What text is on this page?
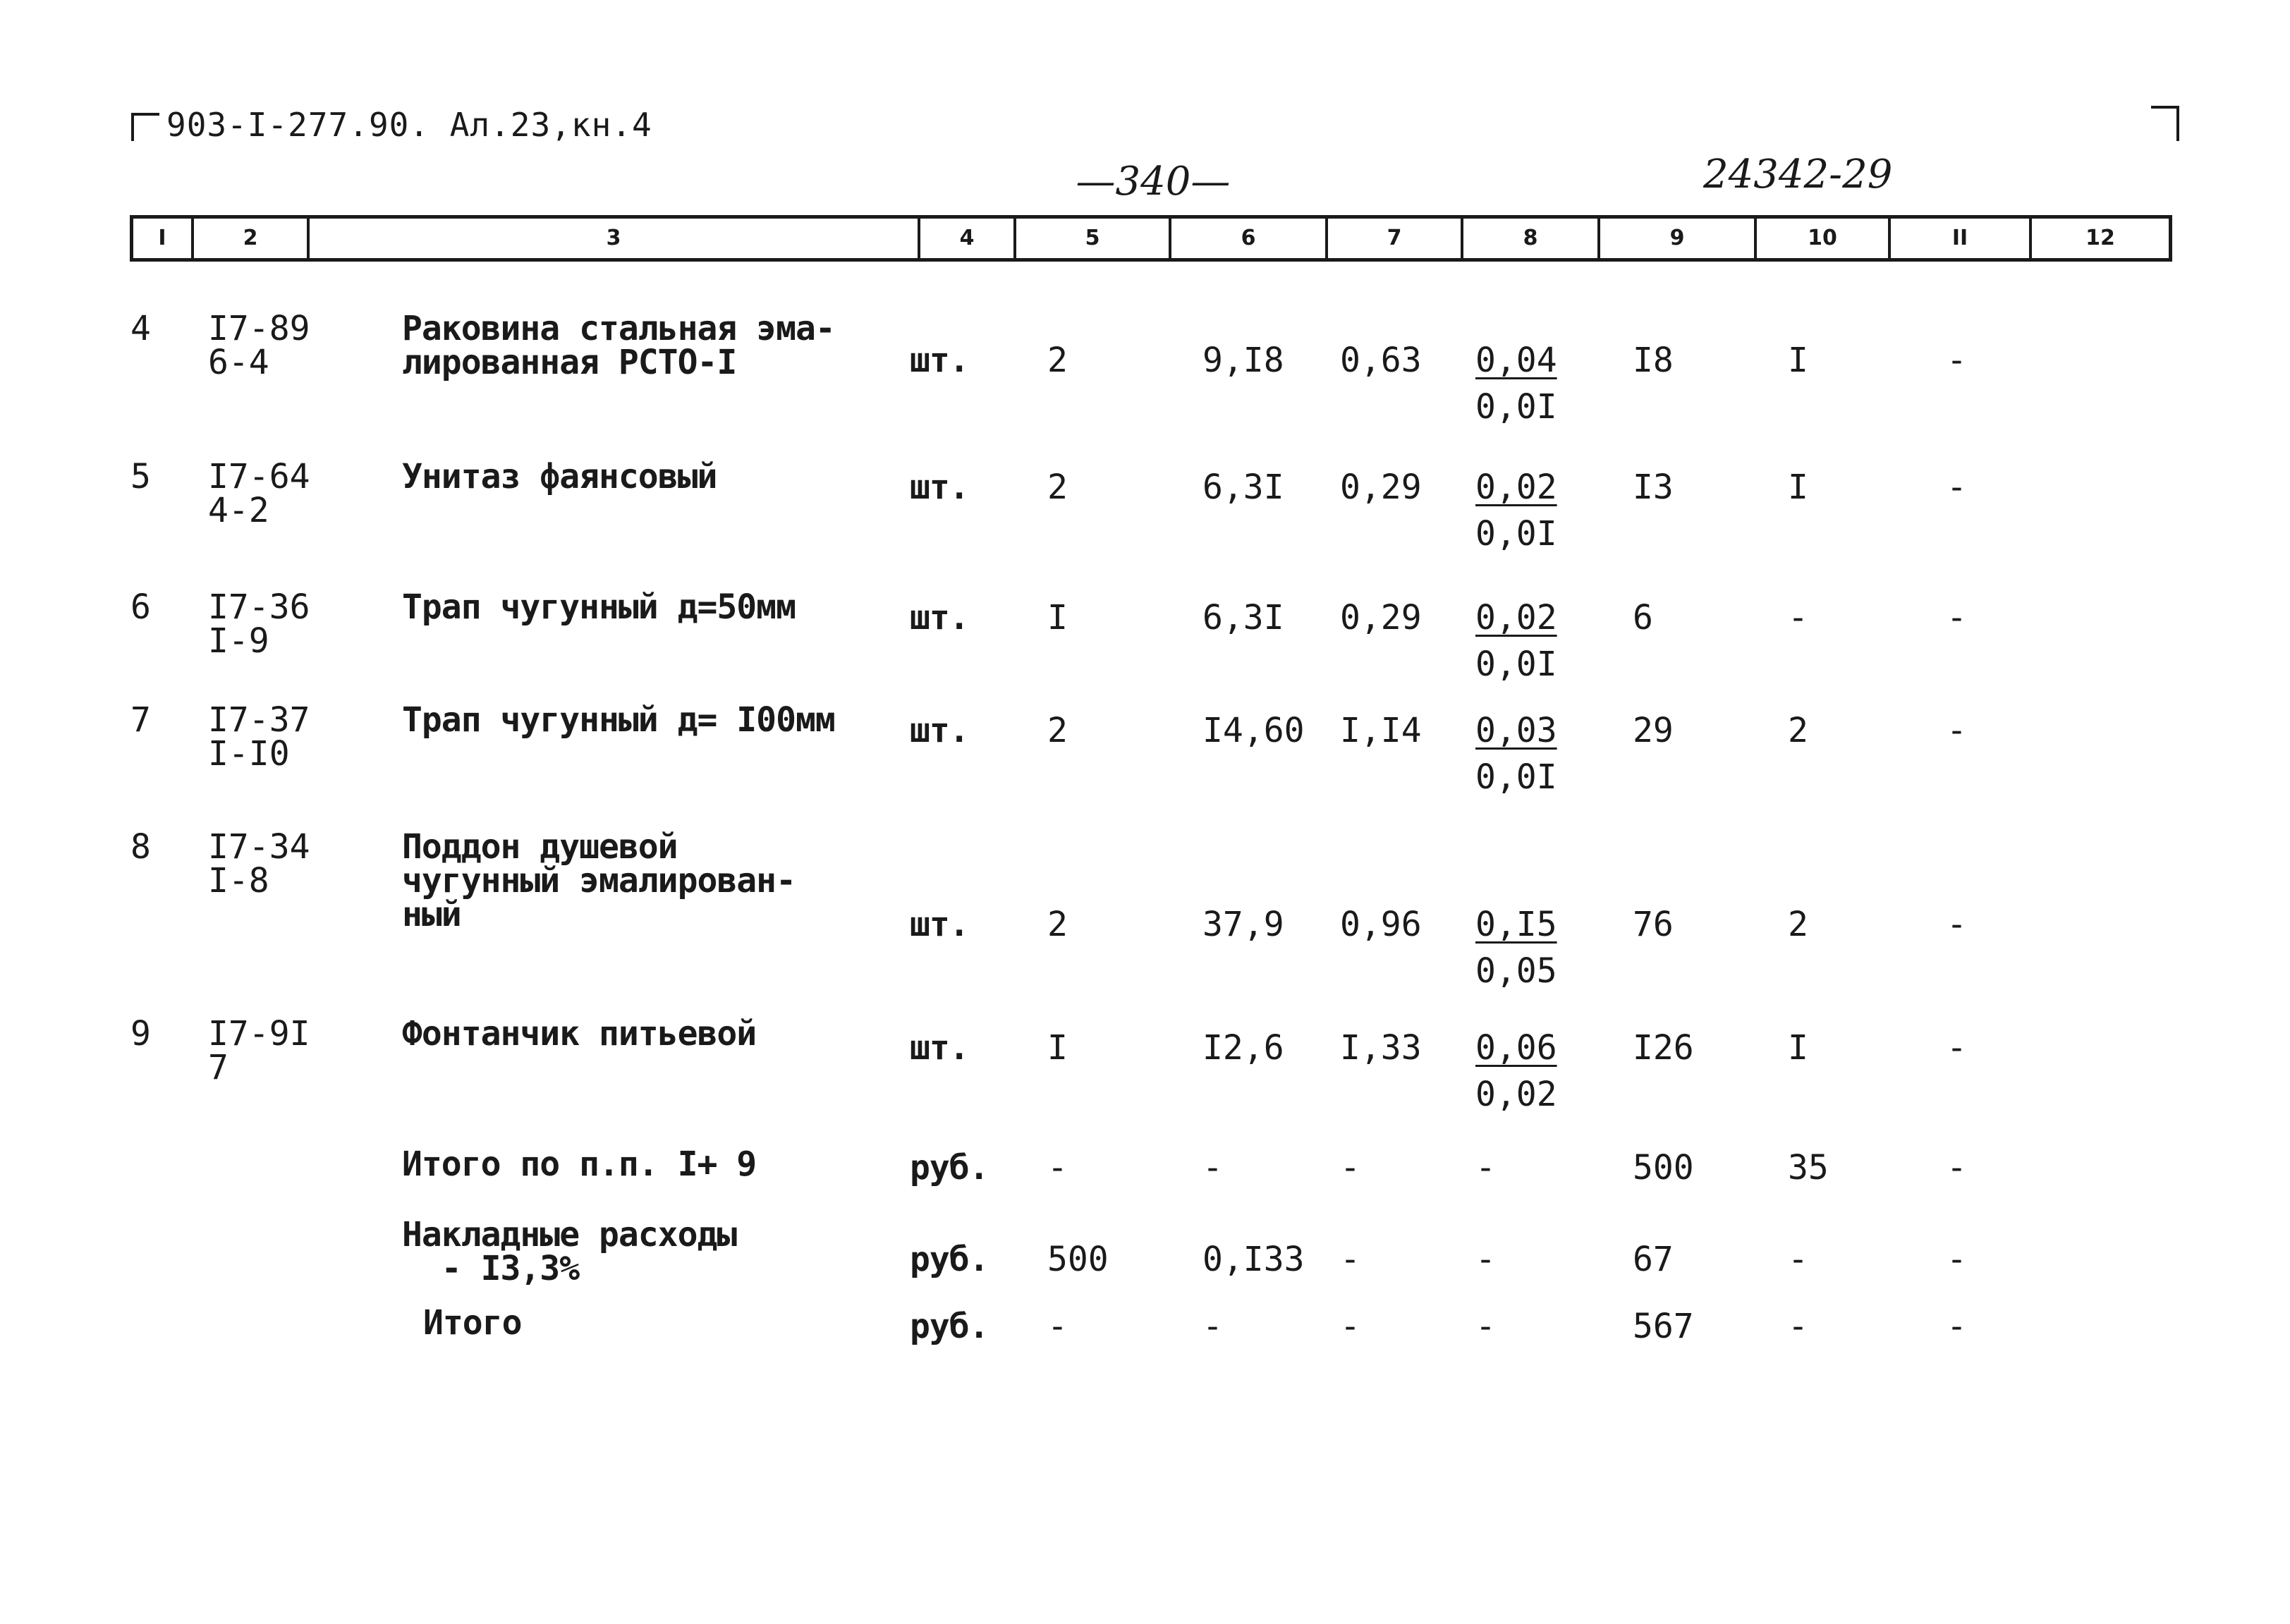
903-I-277.90. Ал.23,кн.4
—340—	24342-29
I	2	3	4	5	6	7	8	9	10	II	12
4 I7-89
6-4
Раковина стальная эма-
лированная РСТО-I	шт. 2	9,I8 0,63 0,04
0,0I
I8	I	-
5 I7-64
4-2
Унитаз фаянсовый	шт. 2	6,3I 0,29 0,02
0,0I
I3	I	-
6 I7-36
I-9
Трап чугунный д=50мм	шт. I	6,3I 0,29 0,02
0,0I
6	-	-
7 I7-37
I-I0
Трап чугунный д= I00мм шт. 2	I4,60 I,I4 0,03
0,0I
29	2	-
8 I7-34
I-8
Поддон душевой
чугунный эмалирован-
ный	шт. 2	37,9 0,96 0,I5
0,05
76	2	-
9 I7-9I
7
Фонтанчик питьевой	шт. I	I2,6 I,33 0,06
0,02
I26	I	-
Итого по п.п. I+ 9	руб. -	-	-	-	500	35	-
Накладные расходы
- I3,3%	руб. 500	0,I33 -	-	67	-	-
Итого	руб. -	-	-	-	567	-	-
